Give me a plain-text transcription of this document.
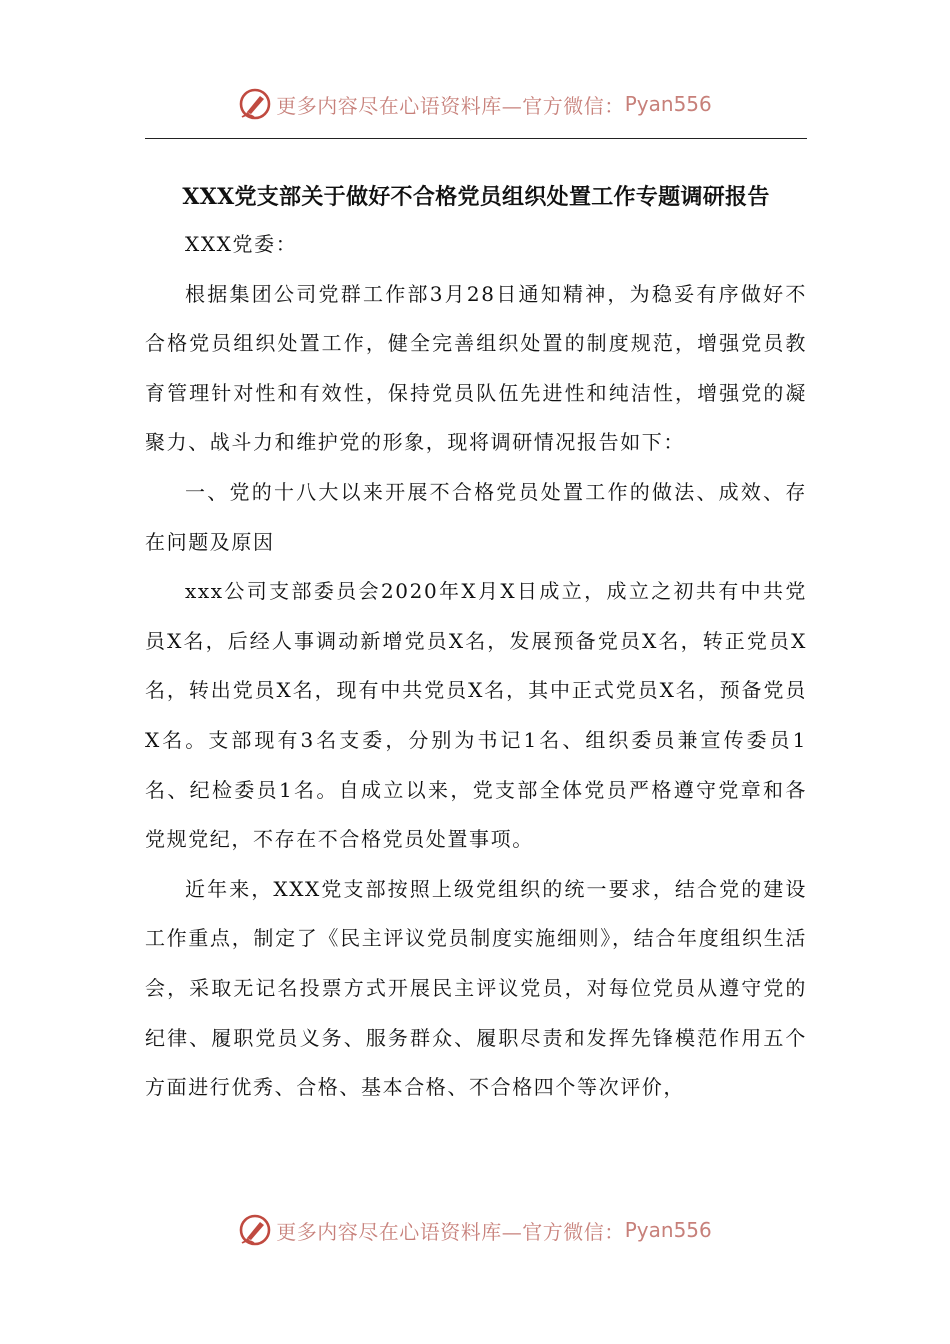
更多内容尽在心语资料库—官方微信： Pyan556
XXX党支部关于做好不合格党员组织处置工作专题调研报告

XXX党委：

根据集团公司党群工作部3月28日通知精神，为稳妥有序做好不合格党员组织处置工作，健全完善组织处置的制度规范，增强党员教育管理针对性和有效性，保持党员队伍先进性和纯洁性，增强党的凝聚力、战斗力和维护党的形象，现将调研情况报告如下：

一、党的十八大以来开展不合格党员处置工作的做法、成效、存在问题及原因

xxx公司支部委员会2020年X月X日成立，成立之初共有中共党员X名，后经人事调动新增党员X名，发展预备党员X名，转正党员X名，转出党员X名，现有中共党员X名，其中正式党员X名，预备党员X名。支部现有3名支委，分别为书记1名、组织委员兼宣传委员1名、纪检委员1名。自成立以来，党支部全体党员严格遵守党章和各党规党纪，不存在不合格党员处置事项。

近年来，XXX党支部按照上级党组织的统一要求，结合党的建设工作重点，制定了《民主评议党员制度实施细则》，结合年度组织生活会，采取无记名投票方式开展民主评议党员，对每位党员从遵守党的纪律、履职党员义务、服务群众、履职尽责和发挥先锋模范作用五个方面进行优秀、合格、基本合格、不合格四个等次评价，

更多内容尽在心语资料库—官方微信： Pyan556
